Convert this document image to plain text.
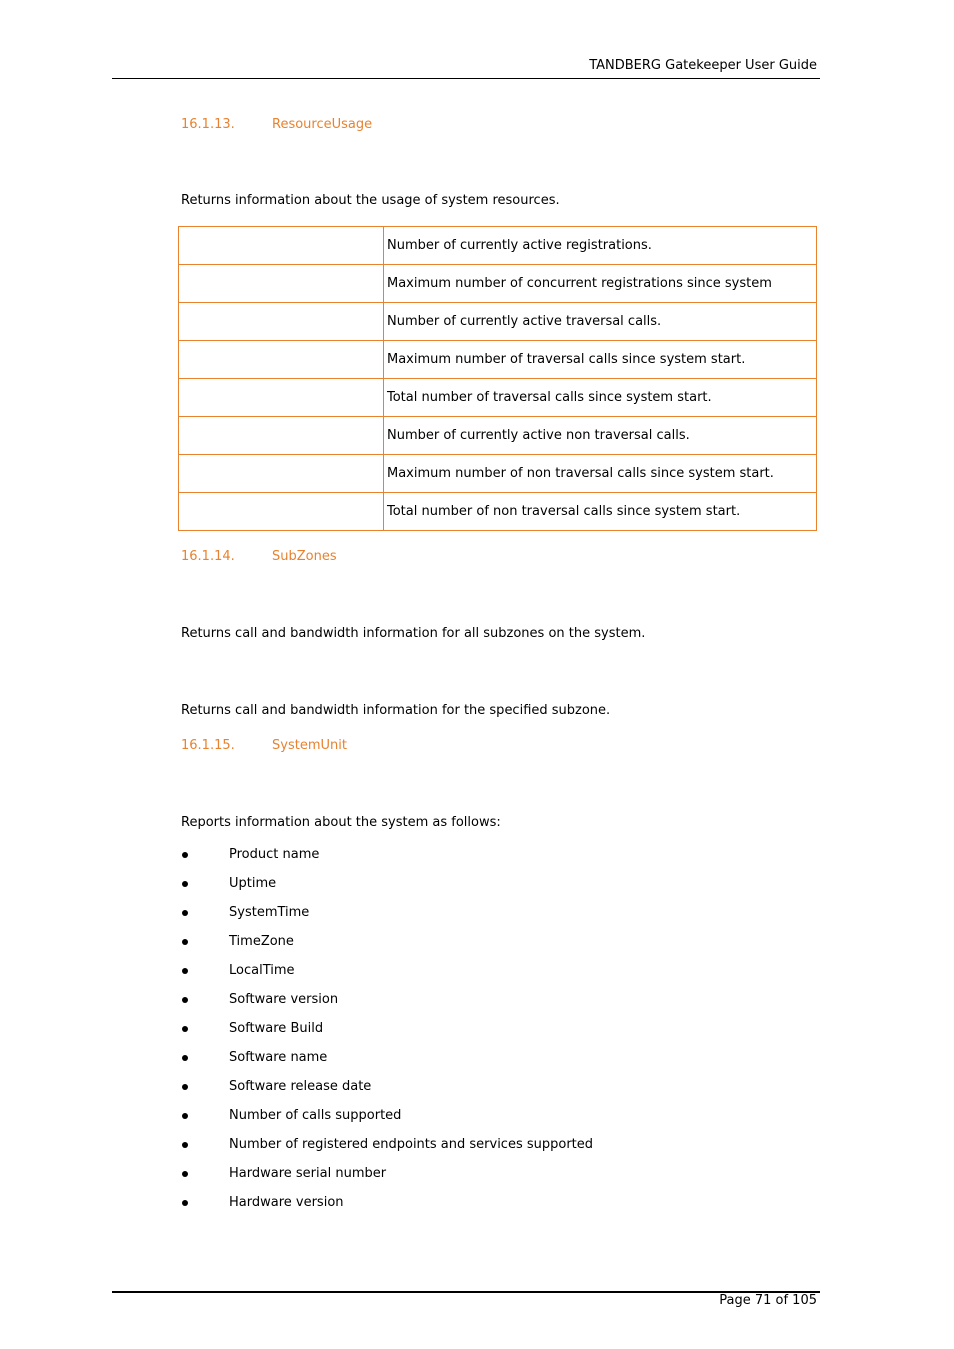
TANDBERG Gatekeeper User Guide
16.1.13.	ResourceUsage
Returns information about the usage of system resources.
	Number of currently active registrations.
	Maximum number of concurrent registrations since system
	Number of currently active traversal calls.
	Maximum number of traversal calls since system start.
	Total number of traversal calls since system start.
	Number of currently active non traversal calls.
	Maximum number of non traversal calls since system start.
	Total number of non traversal calls since system start.
16.1.14.	SubZones
Returns call and bandwidth information for all subzones on the system.
Returns call and bandwidth information for the specified subzone.
16.1.15.	SystemUnit
Reports information about the system as follows:
Product name
Uptime
SystemTime
TimeZone
LocalTime
Software version
Software Build
Software name
Software release date
Number of calls supported
Number of registered endpoints and services supported
Hardware serial number
Hardware version
Page 71 of 105
